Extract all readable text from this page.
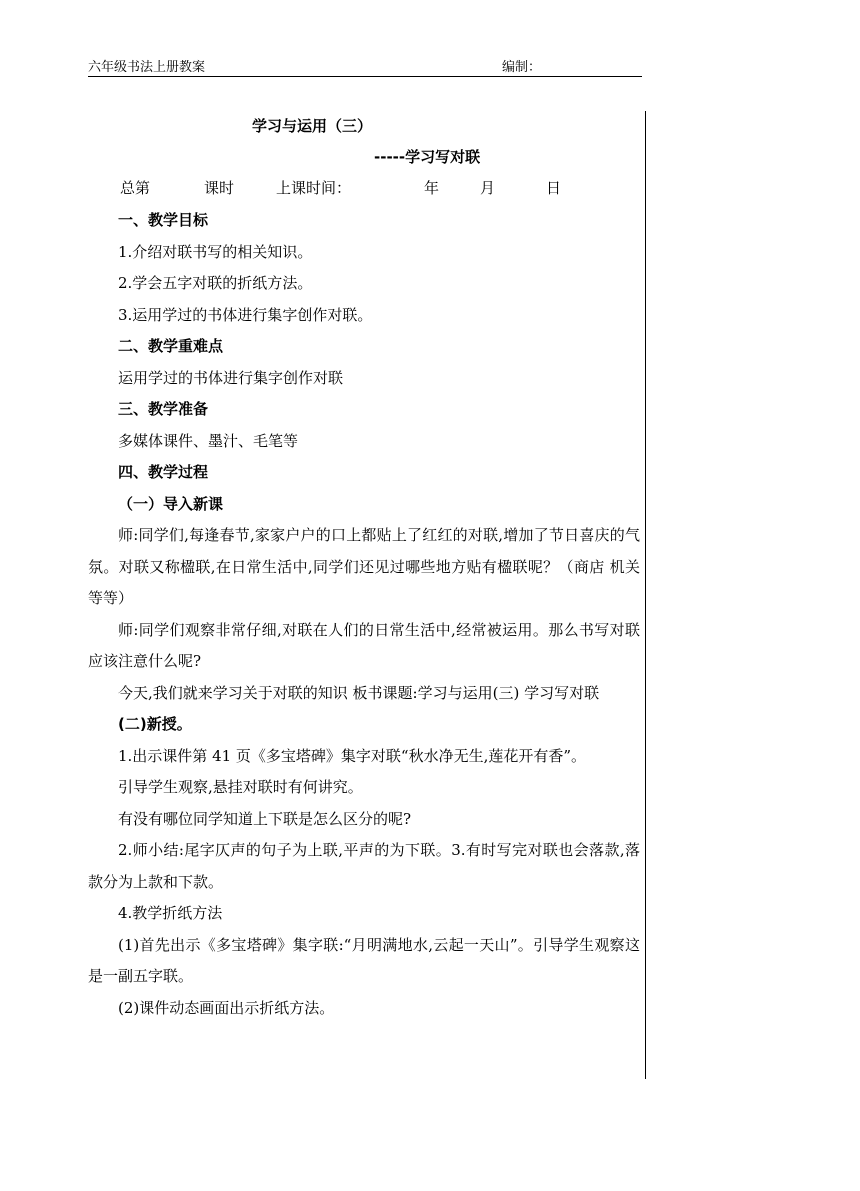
六年级书法上册教案	编制：
学习与运用（三）
-----学习写对联
总第	课时	上课时间：	年	月	日
一、教学目标
1.介绍对联书写的相关知识。
2.学会五字对联的折纸方法。
3.运用学过的书体进行集字创作对联。
二、教学重难点
运用学过的书体进行集字创作对联
三、教学准备
多媒体课件、墨汁、毛笔等
四、教学过程
（一）导入新课
师:同学们,每逢春节,家家户户的口上都贴上了红红的对联,增加了节日喜庆的气氛。对联又称楹联,在日常生活中,同学们还见过哪些地方贴有楹联呢？（商店 机关等等）
师:同学们观察非常仔细,对联在人们的日常生活中,经常被运用。那么书写对联应该注意什么呢?
今天,我们就来学习关于对联的知识 板书课题:学习与运用(三) 学习写对联
(二)新授。
1.出示课件第 41 页《多宝塔碑》集字对联“秋水净无生,莲花开有香”。
引导学生观察,悬挂对联时有何讲究。
有没有哪位同学知道上下联是怎么区分的呢?
2.师小结:尾字仄声的句子为上联,平声的为下联。3.有时写完对联也会落款,落款分为上款和下款。
4.教学折纸方法
(1)首先出示《多宝塔碑》集字联:“月明满地水,云起一天山”。引导学生观察这是一副五字联。
(2)课件动态画面出示折纸方法。
